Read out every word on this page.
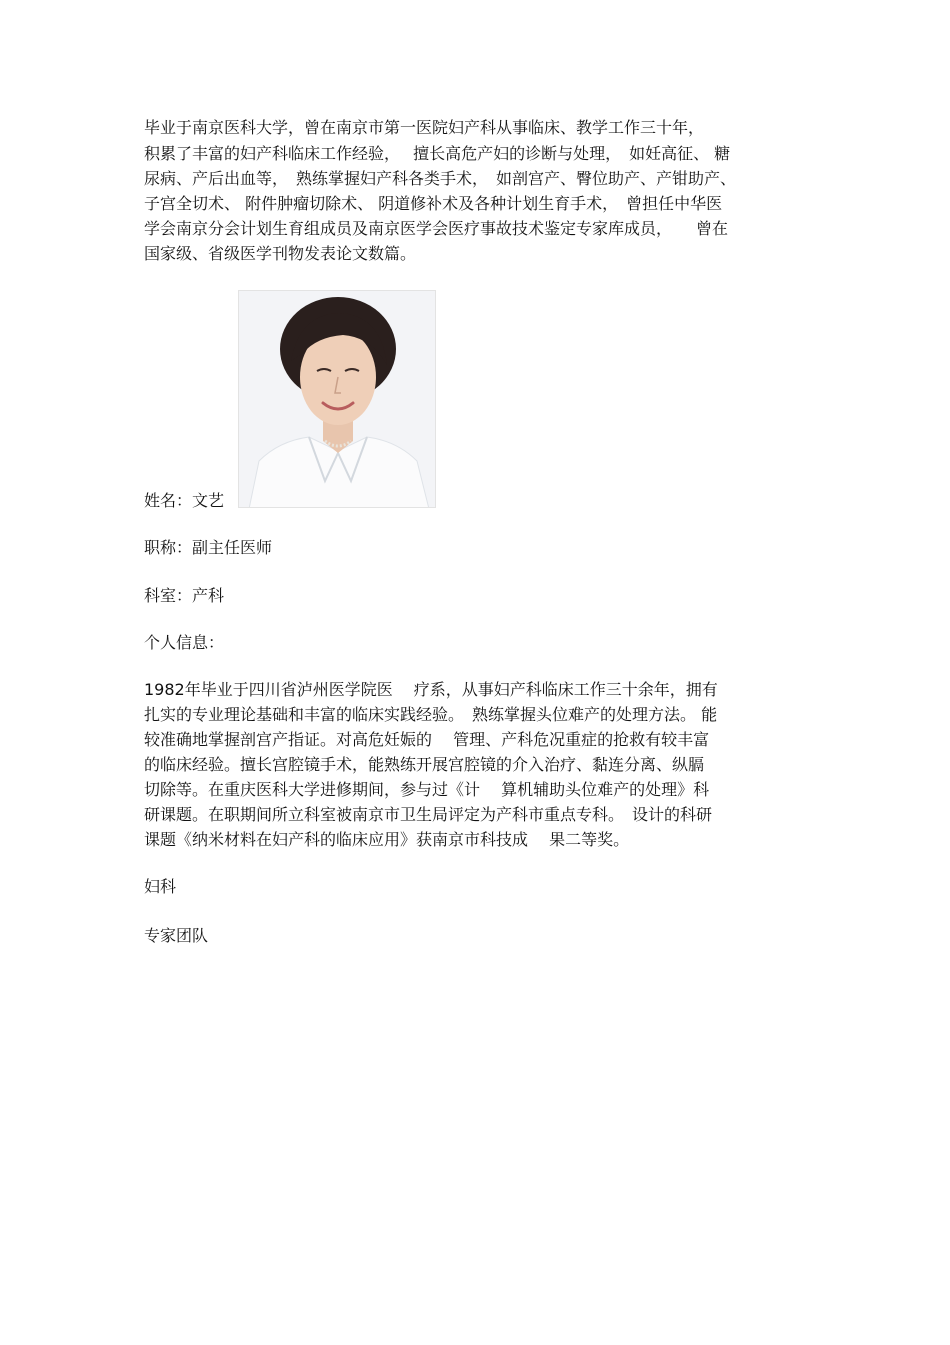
毕业于南京医科大学，曾在南京市第一医院妇产科从事临床、教学工作三十年，
积累了丰富的妇产科临床工作经验，　 擅长高危产妇的诊断与处理，　如妊高征、 糖
尿病、产后出血等，　熟练掌握妇产科各类手术，　如剖宫产、臀位助产、产钳助产、
子宫全切术、 附件肿瘤切除术、 阴道修补术及各种计划生育手术，　曾担任中华医
学会南京分会计划生育组成员及南京医学会医疗事故技术鉴定专家库成员，　　曾在
国家级、省级医学刊物发表论文数篇。
姓名：文艺
职称：副主任医师
科室：产科
个人信息：
1982年毕业于四川省泸州医学院医　 疗系，从事妇产科临床工作三十余年，拥有
扎实的专业理论基础和丰富的临床实践经验。　熟练掌握头位难产的处理方法。 能
较准确地掌握剖宫产指证。对高危妊娠的　 管理、产科危况重症的抢救有较丰富
的临床经验。擅长宫腔镜手术，能熟练开展宫腔镜的介入治疗、黏连分离、纵膈
切除等。在重庆医科大学进修期间，参与过《计　 算机辅助头位难产的处理》科
研课题。在职期间所立科室被南京市卫生局评定为产科市重点专科。　设计的科研
课题《纳米材料在妇产科的临床应用》获南京市科技成　 果二等奖。
妇科
专家团队
